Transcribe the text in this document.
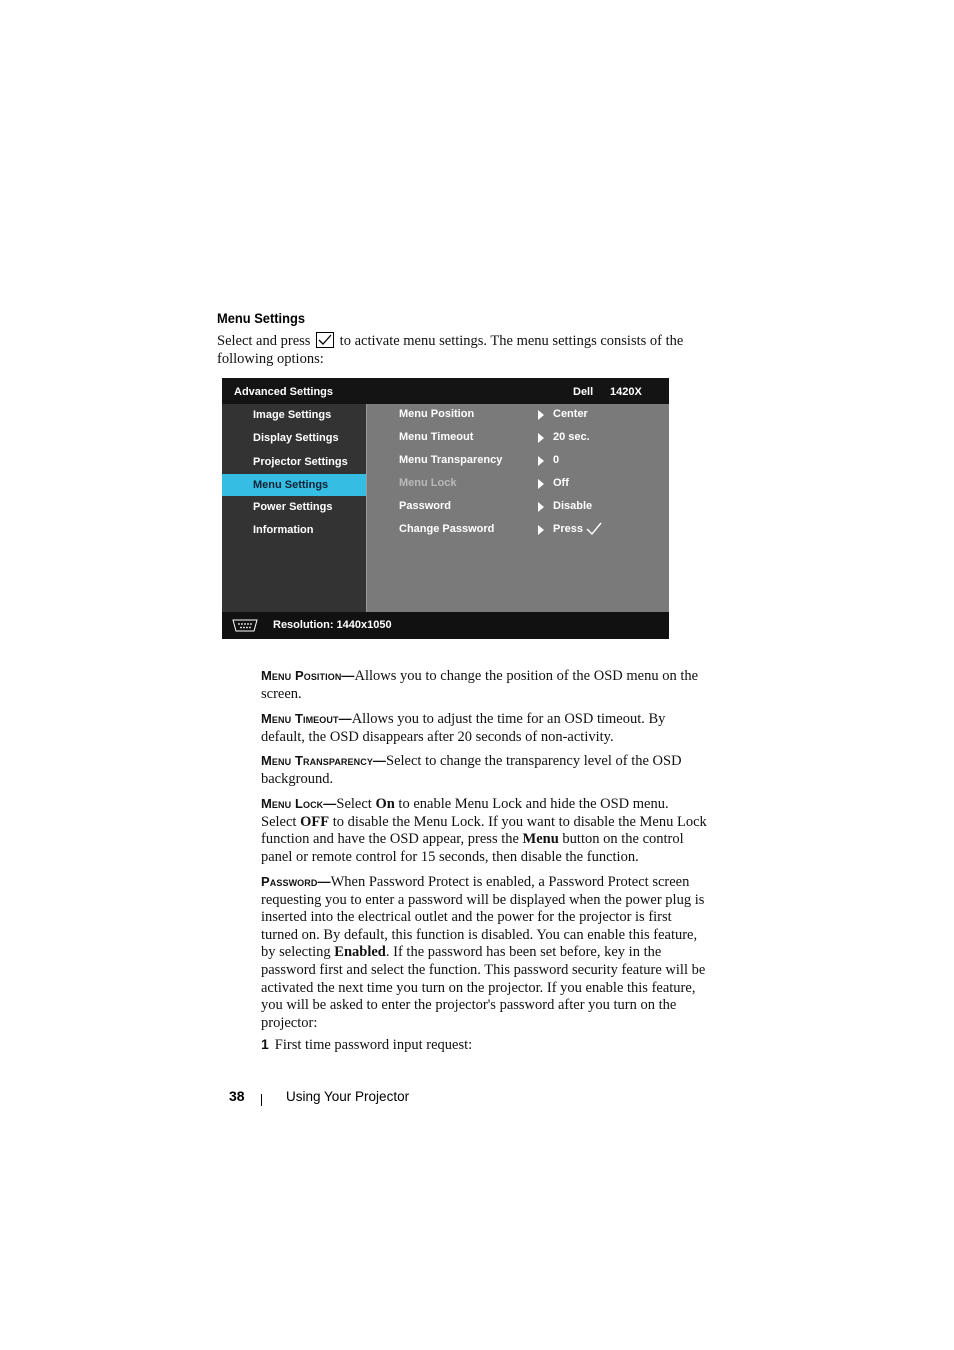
Menu Settings
Select and press to activate menu settings. The menu settings consists of the following options:
Advanced Settings	Dell 1420X
Image Settings
Display Settings
Projector Settings
Menu Settings
Power Settings
Information
Menu Position	Center
Menu Timeout	20 sec.
Menu Transparency	0
Menu Lock	Off
Password	Disable
Change Password	Press
Resolution: 1440x1050
Menu Position—Allows you to change the position of the OSD menu on the screen.
Menu Timeout—Allows you to adjust the time for an OSD timeout. By default, the OSD disappears after 20 seconds of non-activity.
Menu Transparency—Select to change the transparency level of the OSD background.
Menu Lock—Select On to enable Menu Lock and hide the OSD menu. Select OFF to disable the Menu Lock. If you want to disable the Menu Lock function and have the OSD appear, press the Menu button on the control panel or remote control for 15 seconds, then disable the function.
Password—When Password Protect is enabled, a Password Protect screen requesting you to enter a password will be displayed when the power plug is inserted into the electrical outlet and the power for the projector is first turned on. By default, this function is disabled. You can enable this feature, by selecting Enabled. If the password has been set before, key in the password first and select the function. This password security feature will be activated the next time you turn on the projector. If you enable this feature, you will be asked to enter the projector's password after you turn on the projector:
1 First time password input request:
38	Using Your Projector
